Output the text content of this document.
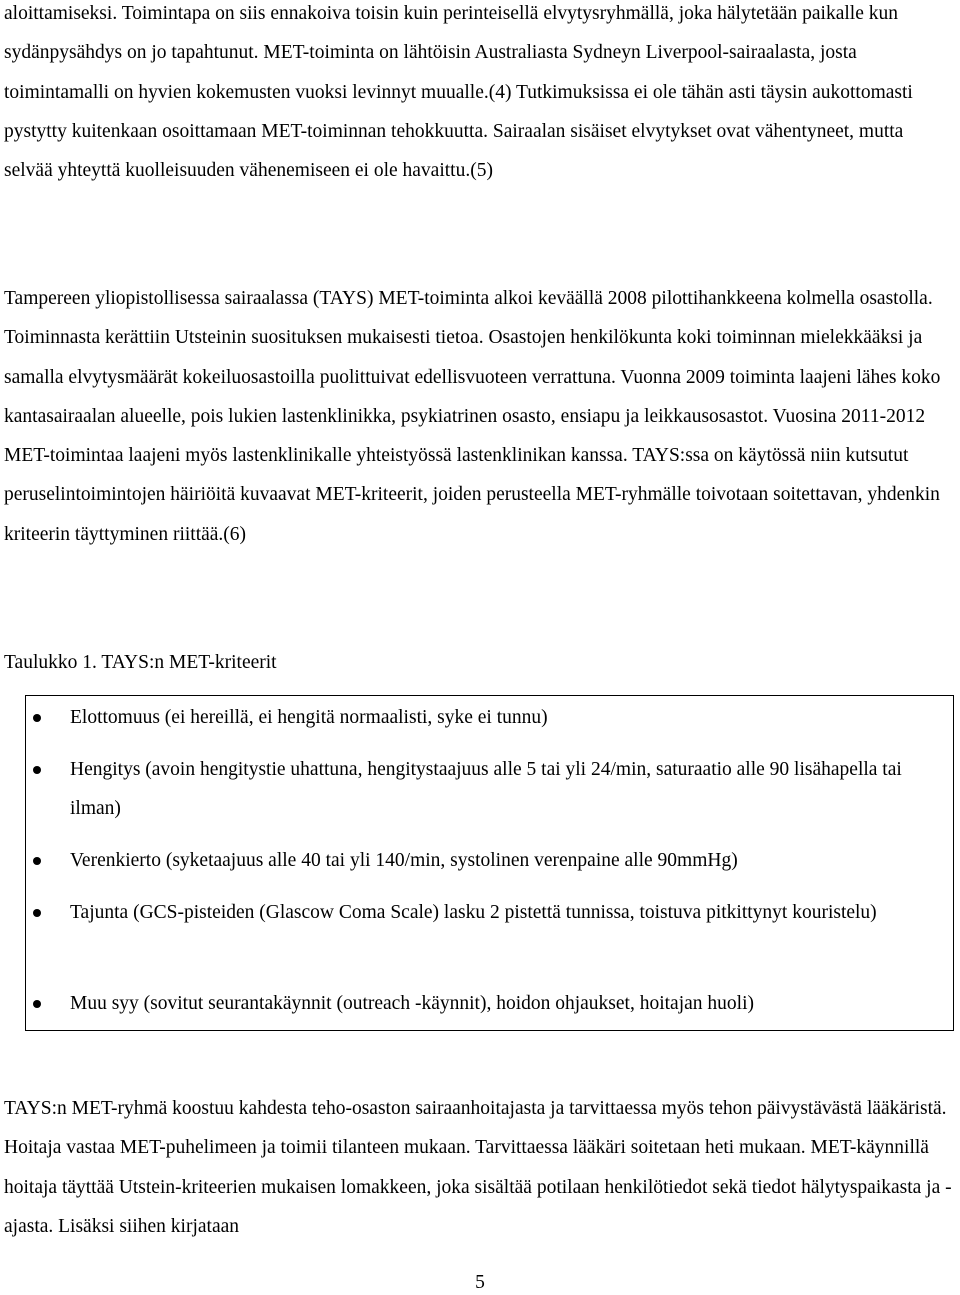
aloittamiseksi. Toimintapa on siis ennakoiva toisin kuin perinteisellä elvytysryhmällä, joka hälytetään paikalle kun sydänpysähdys on jo tapahtunut. MET-toiminta on lähtöisin Australiasta Sydneyn Liverpool-sairaalasta, josta toimintamalli on hyvien kokemusten vuoksi levinnyt muualle.(4) Tutkimuksissa ei ole tähän asti täysin aukottomasti pystytty kuitenkaan osoittamaan MET-toiminnan tehokkuutta. Sairaalan sisäiset elvytykset ovat vähentyneet, mutta selvää yhteyttä kuolleisuuden vähenemiseen ei ole havaittu.(5)

Tampereen yliopistollisessa sairaalassa (TAYS) MET-toiminta alkoi keväällä 2008 pilottihankkeena kolmella osastolla. Toiminnasta kerättiin Utsteinin suosituksen mukaisesti tietoa. Osastojen henkilökunta koki toiminnan mielekkääksi ja samalla elvytysmäärät kokeiluosastoilla puolittuivat edellisvuoteen verrattuna. Vuonna 2009 toiminta laajeni lähes koko kantasairaalan alueelle, pois lukien lastenklinikka, psykiatrinen osasto, ensiapu ja leikkausosastot. Vuosina 2011-2012 MET-toimintaa laajeni myös lastenklinikalle yhteistyössä lastenklinikan kanssa. TAYS:ssa on käytössä niin kutsutut peruselintoimintojen häiriöitä kuvaavat MET-kriteerit, joiden perusteella MET-ryhmälle toivotaan soitettavan, yhdenkin kriteerin täyttyminen riittää.(6)

Taulukko 1. TAYS:n MET-kriteerit

Elottomuus (ei hereillä, ei hengitä normaalisti, syke ei tunnu)
Hengitys (avoin hengitystie uhattuna, hengitystaajuus alle 5 tai yli 24/min, saturaatio alle 90 lisähapella tai ilman)
Verenkierto (syketaajuus alle 40 tai yli 140/min, systolinen verenpaine alle 90mmHg)
Tajunta (GCS-pisteiden (Glascow Coma Scale) lasku 2 pistettä tunnissa, toistuva pitkittynyt kouristelu)
Muu syy (sovitut seurantakäynnit (outreach -käynnit), hoidon ohjaukset, hoitajan huoli)

TAYS:n MET-ryhmä koostuu kahdesta teho-osaston sairaanhoitajasta ja tarvittaessa myös tehon päivystävästä lääkäristä. Hoitaja vastaa MET-puhelimeen ja toimii tilanteen mukaan. Tarvittaessa lääkäri soitetaan heti mukaan. MET-käynnillä hoitaja täyttää Utstein-kriteerien mukaisen lomakkeen, joka sisältää potilaan henkilötiedot sekä tiedot hälytyspaikasta ja -ajasta. Lisäksi siihen kirjataan

5
